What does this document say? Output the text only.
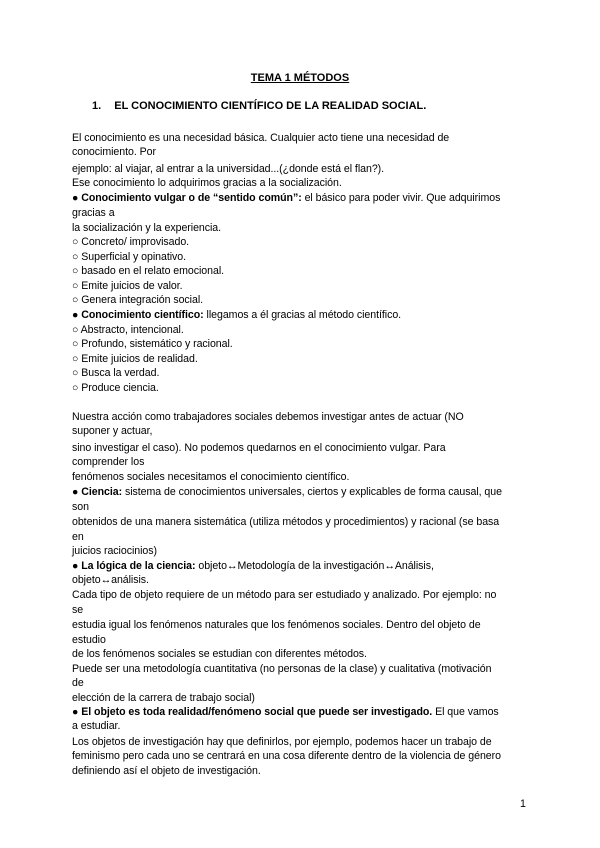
TEMA 1 MÉTODOS
1. EL CONOCIMIENTO CIENTÍFICO DE LA REALIDAD SOCIAL.
El conocimiento es una necesidad básica. Cualquier acto tiene una necesidad de
conocimiento. Por
ejemplo: al viajar, al entrar a la universidad...(¿donde está el flan?).
Ese conocimiento lo adquirimos gracias a la socialización.
● Conocimiento vulgar o de “sentido común”: el básico para poder vivir. Que adquirimos
gracias a
la socialización y la experiencia.
○ Concreto/ improvisado.
○ Superficial y opinativo.
○ basado en el relato emocional.
○ Emite juicios de valor.
○ Genera integración social.
● Conocimiento científico: llegamos a él gracias al método científico.
○ Abstracto, intencional.
○ Profundo, sistemático y racional.
○ Emite juicios de realidad.
○ Busca la verdad.
○ Produce ciencia.
Nuestra acción como trabajadores sociales debemos investigar antes de actuar (NO
suponer y actuar,
sino investigar el caso). No podemos quedarnos en el conocimiento vulgar. Para
comprender los
fenómenos sociales necesitamos el conocimiento científico.
● Ciencia: sistema de conocimientos universales, ciertos y explicables de forma causal, que
son
obtenidos de una manera sistemática (utiliza métodos y procedimientos) y racional (se basa
en
juicios raciocinios)
● La lógica de la ciencia: objeto↔Metodología de la investigación↔Análisis,
objeto↔análisis.
Cada tipo de objeto requiere de un método para ser estudiado y analizado. Por ejemplo: no
se
estudia igual los fenómenos naturales que los fenómenos sociales. Dentro del objeto de
estudio
de los fenómenos sociales se estudian con diferentes métodos.
Puede ser una metodología cuantitativa (no personas de la clase) y cualitativa (motivación
de
elección de la carrera de trabajo social)
● El objeto es toda realidad/fenómeno social que puede ser investigado. El que vamos
a estudiar.
Los objetos de investigación hay que definirlos, por ejemplo, podemos hacer un trabajo de
feminismo pero cada uno se centrará en una cosa diferente dentro de la violencia de género
definiendo así el objeto de investigación.
1
